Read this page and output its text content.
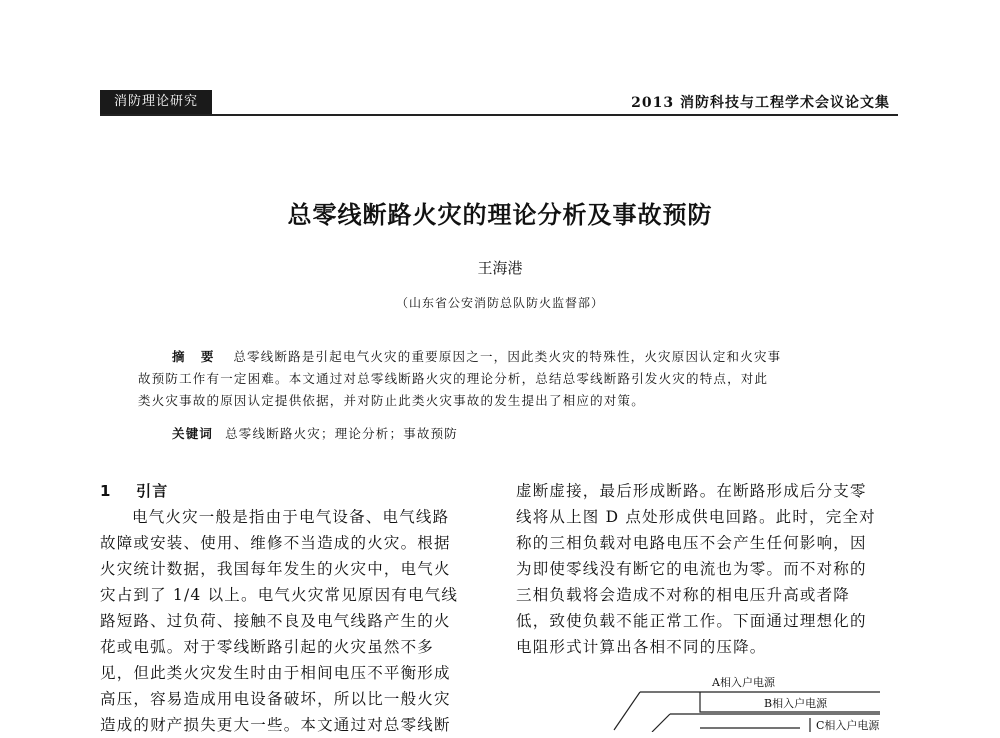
消防理论研究	2013 消防科技与工程学术会议论文集
总零线断路火灾的理论分析及事故预防
王海港
（山东省公安消防总队防火监督部）
摘 要 总零线断路是引起电气火灾的重要原因之一，因此类火灾的特殊性，火灾原因认定和火灾事
故预防工作有一定困难。本文通过对总零线断路火灾的理论分析，总结总零线断路引发火灾的特点，对此
类火灾事故的原因认定提供依据，并对防止此类火灾事故的发生提出了相应的对策。
关键词 总零线断路火灾；理论分析；事故预防
1 引言
电气火灾一般是指由于电气设备、电气线路
故障或安装、使用、维修不当造成的火灾。根据
火灾统计数据，我国每年发生的火灾中，电气火
灾占到了 1/4 以上。电气火灾常见原因有电气线
路短路、过负荷、接触不良及电气线路产生的火
花或电弧。对于零线断路引起的火灾虽然不多
见，但此类火灾发生时由于相间电压不平衡形成
高压，容易造成用电设备破坏，所以比一般火灾
造成的财产损失更大一些。本文通过对总零线断
虚断虚接，最后形成断路。在断路形成后分支零
线将从上图 D 点处形成供电回路。此时，完全对
称的三相负载对电路电压不会产生任何影响，因
为即使零线没有断它的电流也为零。而不对称的
三相负载将会造成不对称的相电压升高或者降
低，致使负载不能正常工作。下面通过理想化的
电阻形式计算出各相不同的压降。
A相入户电源
B相入户电源
C相入户电源
